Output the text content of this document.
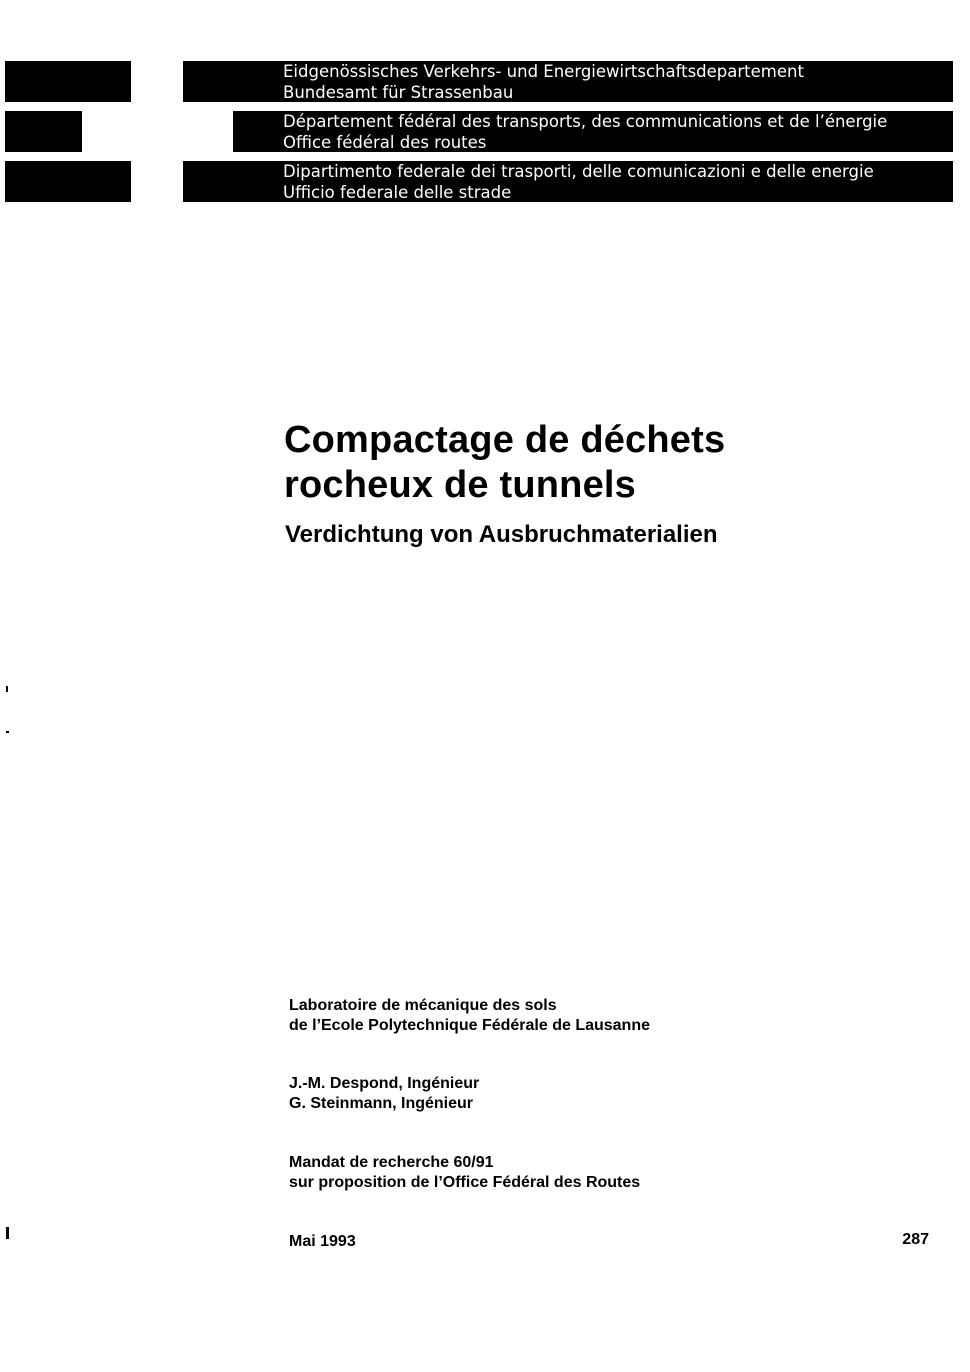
Eidgenössisches Verkehrs- und Energiewirtschaftsdepartement
Bundesamt für Strassenbau
Département fédéral des transports, des communications et de l’énergie
Office fédéral des routes
Dipartimento federale dei trasporti, delle comunicazioni e delle energie
Ufficio federale delle strade
Compactage de déchets
rocheux de tunnels
Verdichtung von Ausbruchmaterialien
Laboratoire de mécanique des sols
de l’Ecole Polytechnique Fédérale de Lausanne
J.-M. Despond, Ingénieur
G. Steinmann, Ingénieur
Mandat de recherche 60/91
sur proposition de l’Office Fédéral des Routes
Mai 1993	287
